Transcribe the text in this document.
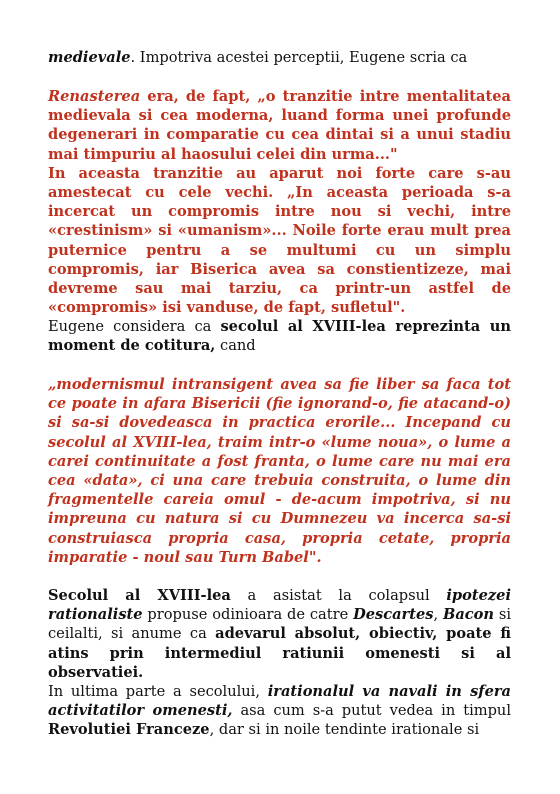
medievale. Impotriva acestei perceptii, Eugene scria ca

Renasterea era, de fapt, „o tranzitie intre mentalitatea medievala si cea moderna, luand forma unei profunde degenerari in comparatie cu cea dintai si a unui stadiu mai timpuriu al haosului celei din urma..."
In aceasta tranzitie au aparut noi forte care s-au amestecat cu cele vechi. „In aceasta perioada s-a incercat un compromis intre nou si vechi, intre «crestinism» si «umanism»... Noile forte erau mult prea puternice pentru a se multumi cu un simplu compromis, iar Biserica avea sa constientizeze, mai devreme sau mai tarziu, ca printr-un astfel de «compromis» isi vanduse, de fapt, sufletul".

Eugene considera ca secolul al XVIII-lea reprezinta un moment de cotitura, cand

„modernismul intransigent avea sa fie liber sa faca tot ce poate in afara Bisericii (fie ignorand-o, fie atacand-o) si sa-si dovedeasca in practica erorile... Incepand cu secolul al XVIII-lea, traim intr-o «lume noua», o lume a carei continuitate a fost franta, o lume care nu mai era cea «data», ci una care trebuia construita, o lume din fragmentelle careia omul - de-acum impotriva, si nu impreuna cu natura si cu Dumnezeu va incerca sa-si construiasca propria casa, propria cetate, propria imparatie - noul sau Turn Babel".

Secolul al XVIII-lea a asistat la colapsul ipotezei rationaliste propuse odinioara de catre Descartes, Bacon si ceilalti, si anume ca adevarul absolut, obiectiv, poate fi atins prin intermediul ratiunii omenesti si al observatiei.

In ultima parte a secolului, irationalul va navali in sfera activitatilor omenesti, asa cum s-a putut vedea in timpul Revolutiei Franceze, dar si in noile tendinte irationale si
